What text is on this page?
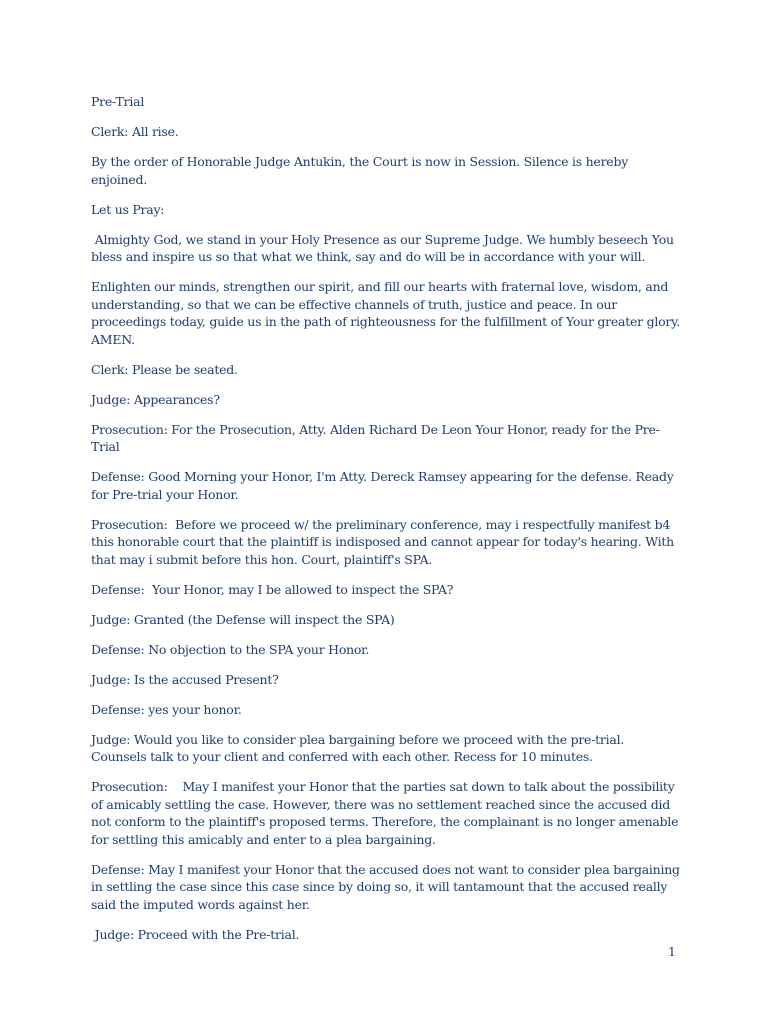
Pre-Trial

Clerk: All rise.

By the order of Honorable Judge Antukin, the Court is now in Session. Silence is hereby enjoined.

Let us Pray:

Almighty God, we stand in your Holy Presence as our Supreme Judge. We humbly beseech You bless and inspire us so that what we think, say and do will be in accordance with your will.

Enlighten our minds, strengthen our spirit, and fill our hearts with fraternal love, wisdom, and understanding, so that we can be effective channels of truth, justice and peace. In our proceedings today, guide us in the path of righteousness for the fulfillment of Your greater glory. AMEN.

Clerk: Please be seated.

Judge: Appearances?

Prosecution: For the Prosecution, Atty. Alden Richard De Leon Your Honor, ready for the Pre-Trial

Defense: Good Morning your Honor, I'm Atty. Dereck Ramsey appearing for the defense. Ready for Pre-trial your Honor.

Prosecution:  Before we proceed w/ the preliminary conference, may i respectfully manifest b4 this honorable court that the plaintiff is indisposed and cannot appear for today's hearing. With that may i submit before this hon. Court, plaintiff's SPA.

Defense:  Your Honor, may I be allowed to inspect the SPA?

Judge: Granted (the Defense will inspect the SPA)

Defense: No objection to the SPA your Honor.

Judge: Is the accused Present?

Defense: yes your honor.

Judge: Would you like to consider plea bargaining before we proceed with the pre-trial. Counsels talk to your client and conferred with each other. Recess for 10 minutes.

Prosecution:    May I manifest your Honor that the parties sat down to talk about the possibility of amicably settling the case. However, there was no settlement reached since the accused did not conform to the plaintiff's proposed terms. Therefore, the complainant is no longer amenable for settling this amicably and enter to a plea bargaining.

Defense: May I manifest your Honor that the accused does not want to consider plea bargaining in settling the case since this case since by doing so, it will tantamount that the accused really said the imputed words against her.

Judge: Proceed with the Pre-trial.

1
